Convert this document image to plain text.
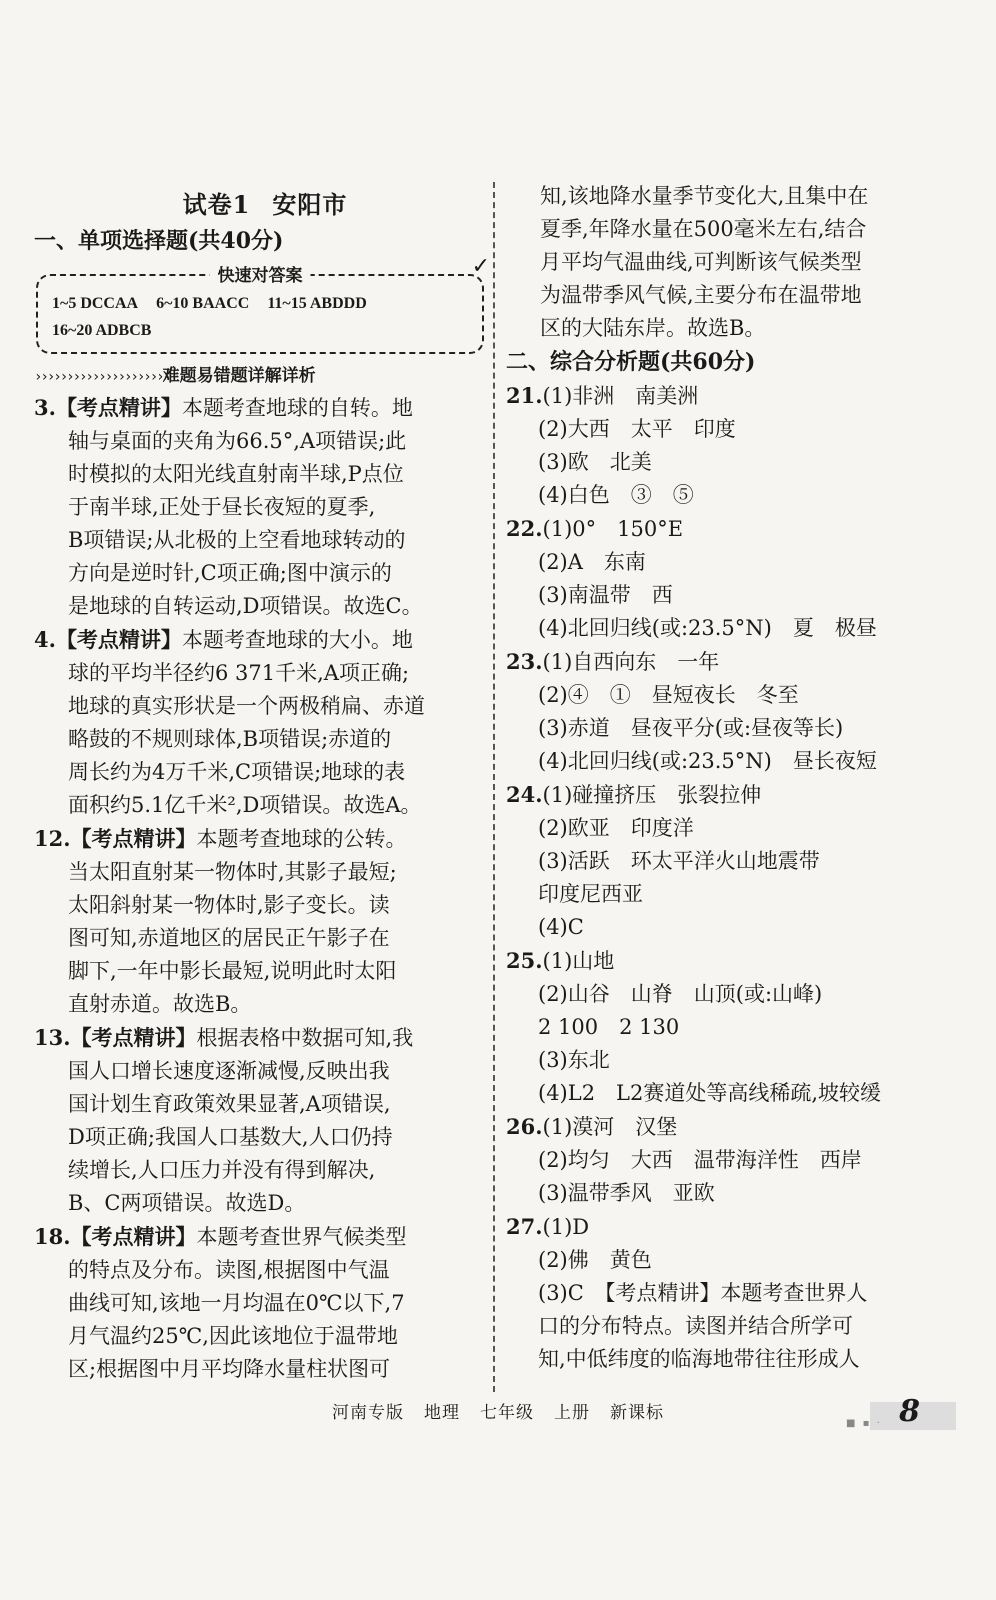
试卷1 安阳市

一、单项选择题(共40分)

快速对答案	✓
1~5 DCCAA 6~10 BAACC 11~15 ABDDD
16~20 ADBCB

››››››››››››››››››››难题易错题详解详析

3.【考点精讲】本题考查地球的自转。地

轴与桌面的夹角为66.5°,A项错误;此

时模拟的太阳光线直射南半球,P点位

于南半球,正处于昼长夜短的夏季,

B项错误;从北极的上空看地球转动的

方向是逆时针,C项正确;图中演示的

是地球的自转运动,D项错误。故选C。

4.【考点精讲】本题考查地球的大小。地

球的平均半径约6 371千米,A项正确;

地球的真实形状是一个两极稍扁、赤道

略鼓的不规则球体,B项错误;赤道的

周长约为4万千米,C项错误;地球的表

面积约5.1亿千米²,D项错误。故选A。

12.【考点精讲】本题考查地球的公转。

当太阳直射某一物体时,其影子最短;

太阳斜射某一物体时,影子变长。读

图可知,赤道地区的居民正午影子在

脚下,一年中影长最短,说明此时太阳

直射赤道。故选B。

13.【考点精讲】根据表格中数据可知,我

国人口增长速度逐渐减慢,反映出我

国计划生育政策效果显著,A项错误,

D项正确;我国人口基数大,人口仍持

续增长,人口压力并没有得到解决,

B、C两项错误。故选D。

18.【考点精讲】本题考查世界气候类型

的特点及分布。读图,根据图中气温

曲线可知,该地一月均温在0℃以下,7

月气温约25℃,因此该地位于温带地

区;根据图中月平均降水量柱状图可

知,该地降水量季节变化大,且集中在

夏季,年降水量在500毫米左右,结合

月平均气温曲线,可判断该气候类型

为温带季风气候,主要分布在温带地

区的大陆东岸。故选B。

二、综合分析题(共60分)

21.(1)非洲　南美洲
(2)大西　太平　印度
(3)欧　北美
(4)白色　③　⑤
22.(1)0°　150°E
(2)A　东南
(3)南温带　西
(4)北回归线(或:23.5°N)　夏　极昼
23.(1)自西向东　一年
(2)④　①　昼短夜长　冬至
(3)赤道　昼夜平分(或:昼夜等长)
(4)北回归线(或:23.5°N)　昼长夜短
24.(1)碰撞挤压　张裂拉伸
(2)欧亚　印度洋
(3)活跃　环太平洋火山地震带
印度尼西亚
(4)C
25.(1)山地
(2)山谷　山脊　山顶(或:山峰)
2 100　2 130
(3)东北
(4)L2　L2赛道处等高线稀疏,坡较缓
26.(1)漠河　汉堡
(2)均匀　大西　温带海洋性　西岸
(3)温带季风　亚欧
27.(1)D
(2)佛　黄色
(3)C　【考点精讲】本题考查世界人
口的分布特点。读图并结合所学可
知,中低纬度的临海地带往往形成人
河南专版 地理 七年级 上册 新课标
■ ▪ · 8
